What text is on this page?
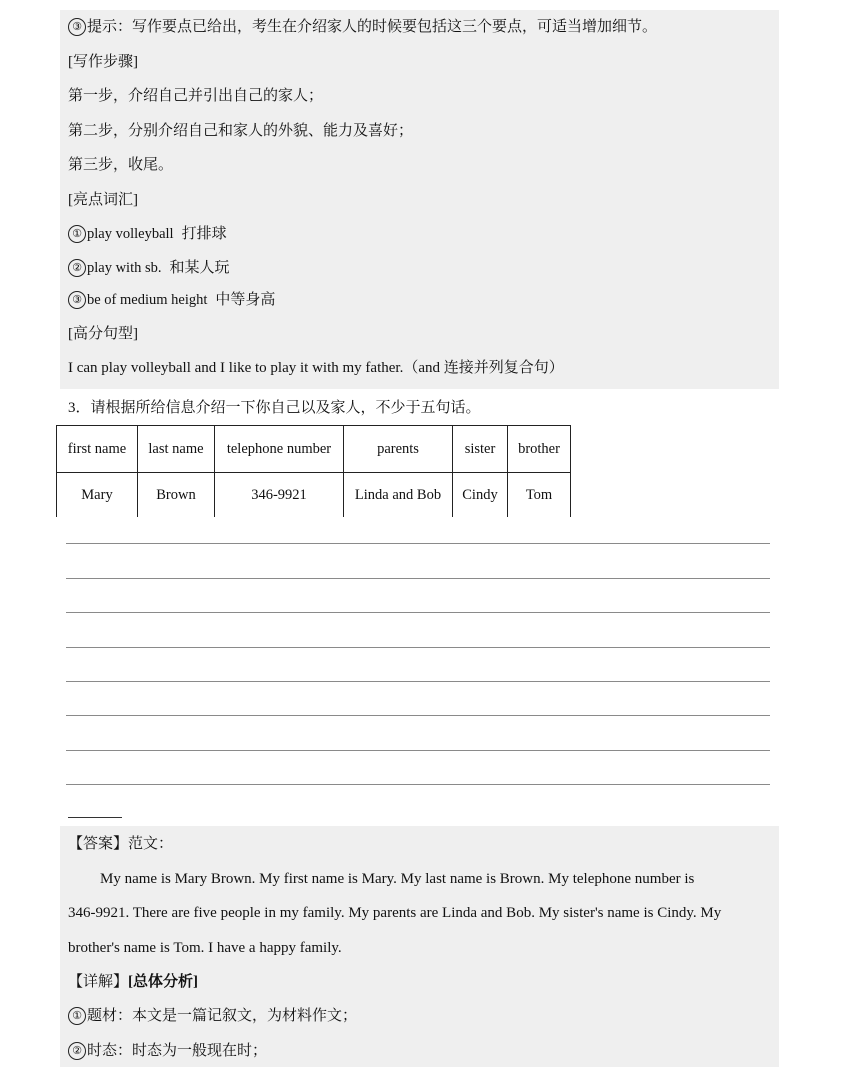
③ 提示：写作要点已给出，考生在介绍家人的时候要包括这三个要点，可适当增加细节。
[写作步骤]
第一步，介绍自己并引出自己的家人；
第二步，分别介绍自己和家人的外貌、能力及喜好；
第三步，收尾。
[亮点词汇]
① play volleyball 打排球
② play with sb. 和某人玩
③ be of medium height 中等身高
[高分句型]
I can play volleyball and I like to play it with my father.（and 连接并列复合句）
3．请根据所给信息介绍一下你自己以及家人，不少于五句话。
first name	last name	telephone number	parents	sister	brother
Mary	Brown	346-9921	Linda and Bob	Cindy	Tom
【答案】范文：
My name is Mary Brown. My first name is Mary. My last name is Brown. My telephone number is
346-9921. There are five people in my family. My parents are Linda and Bob. My sister's name is Cindy. My
brother's name is Tom. I have a happy family.
【详解】[总体分析]
① 题材：本文是一篇记叙文，为材料作文；
② 时态：时态为一般现在时；
